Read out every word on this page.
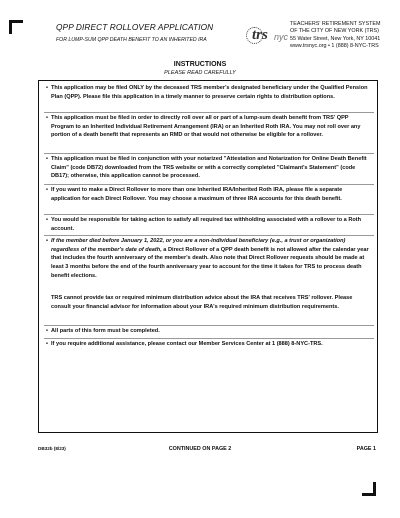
QPP DIRECT ROLLOVER APPLICATION
FOR LUMP-SUM QPP DEATH BENEFIT TO AN INHERITED IRA	trs nyc
TEACHERS' RETIREMENT SYSTEM
OF THE CITY OF NEW YORK (TRS)
55 Water Street, New York, NY 10041
www.trsnyc.org • 1 (888) 8-NYC-TRS
INSTRUCTIONS
PLEASE READ CAREFULLY
• This application may be filed ONLY by the deceased TRS member's designated beneficiary under the Qualified Pension Plan (QPP). Please file this application in a timely manner to preserve certain rights to distribution options.
• This application must be filed in order to directly roll over all or part of a lump-sum death benefit from TRS' QPP Program to an Inherited Individual Retirement Arrangement (IRA) or an Inherited Roth IRA. You may not roll over any portion of a death benefit that represents an RMD or that would not otherwise be eligible for a rollover.
• This application must be filed in conjunction with your notarized "Attestation and Notarization for Online Death Benefit Claim" (code DB72) downloaded from the TRS website or with a correctly completed "Claimant's Statement" (code DB17); otherwise, this application cannot be processed.
• If you want to make a Direct Rollover to more than one Inherited IRA/Inherited Roth IRA, please file a separate application for each Direct Rollover. You may choose a maximum of three IRA accounts for this death benefit.
• You would be responsible for taking action to satisfy all required tax withholding associated with a rollover to a Roth account.
• If the member died before January 1, 2022, or you are a non-individual beneficiary (e.g., a trust or organization) regardless of the member's date of death, a Direct Rollover of a QPP death benefit is not allowed after the calendar year that includes the fourth anniversary of the member's death. Also note that Direct Rollover requests should be made at least 3 months before the end of the fourth anniversary year to account for the time it takes for TRS to process death benefit elections.
TRS cannot provide tax or required minimum distribution advice about the IRA that receives TRS' rollover. Please consult your financial advisor for information about your IRA's required minimum distribution requirements.
• All parts of this form must be completed.
• If you require additional assistance, please contact our Member Services Center at 1 (888) 8-NYC-TRS.
DB32b (8/23)	CONTINUED ON PAGE 2	PAGE 1
